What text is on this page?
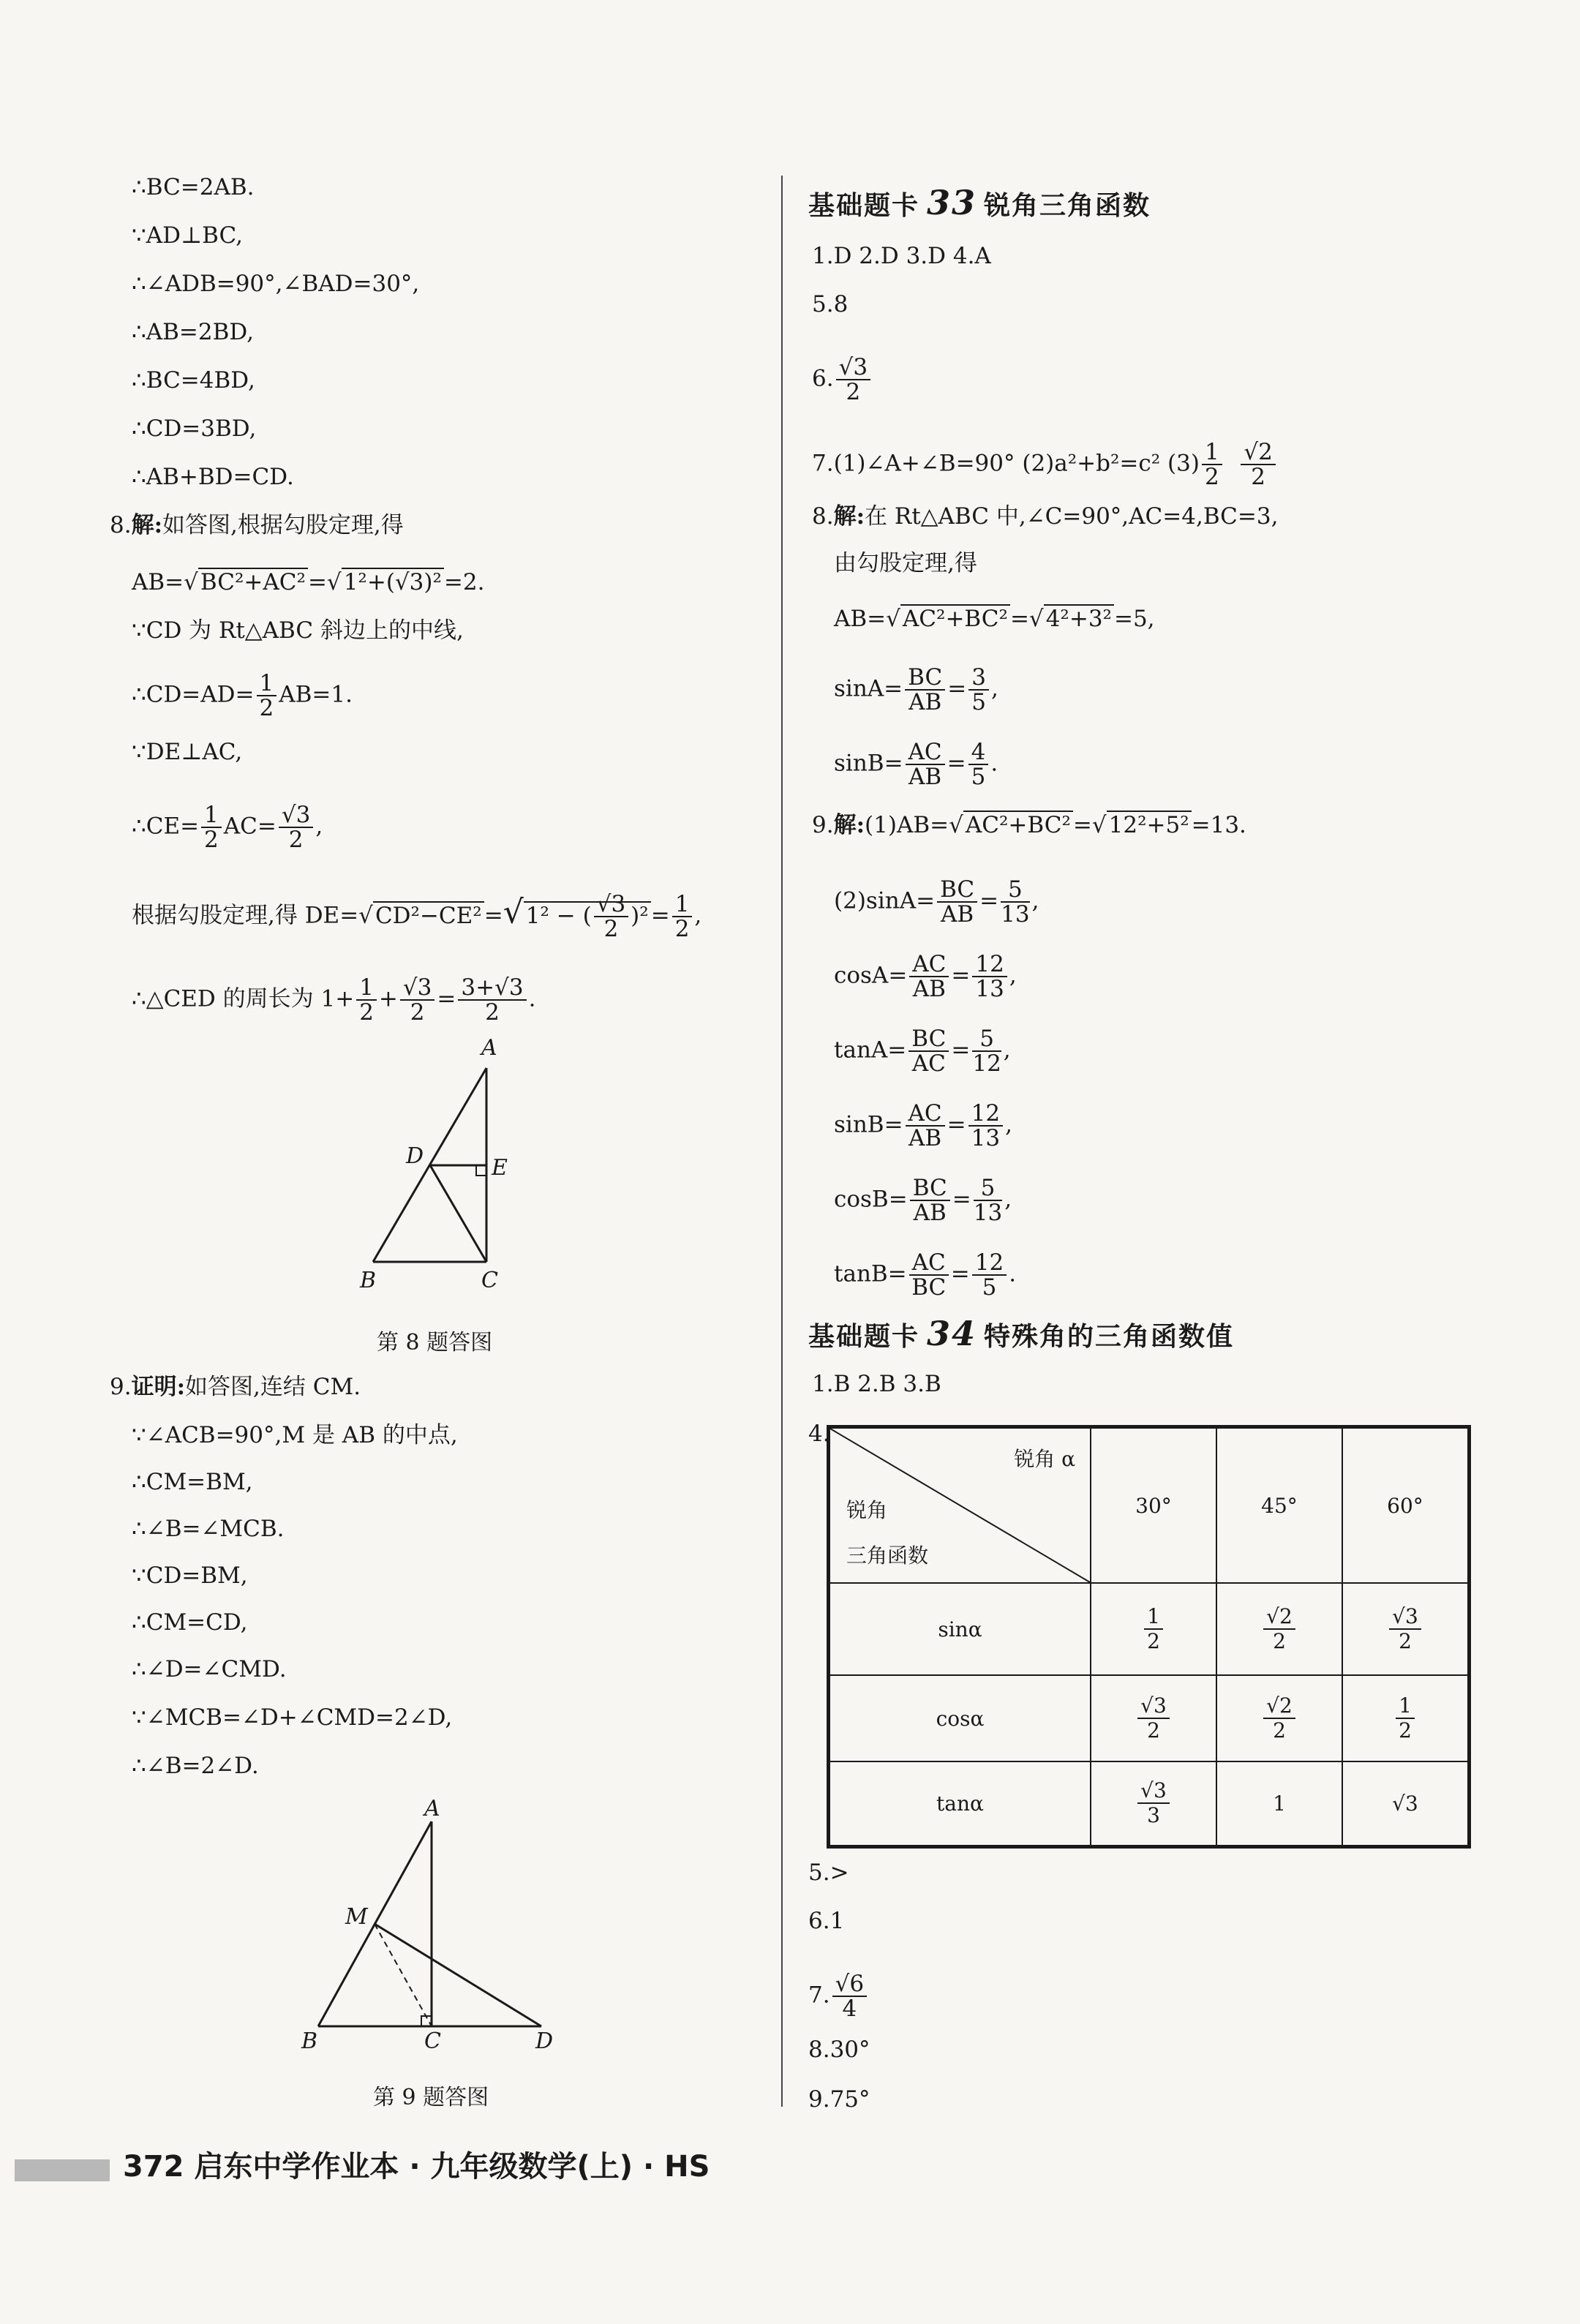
∴BC=2AB.
∵AD⊥BC,
∴∠ADB=90°,∠BAD=30°,
∴AB=2BD,
∴BC=4BD,
∴CD=3BD,
∴AB+BD=CD.
8.解:如答图,根据勾股定理,得
AB=√BC²+AC²=√1²+(√3)²=2.
∵CD 为 Rt△ABC 斜边上的中线,
∴CD=AD= $\frac{1}{2} AB=1$.
∵DE⊥AC,
∴CE= $\frac{1}{2} AC= \frac{√3}{2}$ ,
根据勾股定理,得 DE=√CD²−CE²=√1² − ( $\frac{√3}{2} )^2= \frac{1}{2}$ ,
∴△CED 的周长为 $1+ \frac{1}{2} + \frac{√3}{2} = \frac{3+√3}{2}$ .
A
B	C
D	E
第 8 题答图
9.证明:如答图,连结 CM.
∵∠ACB=90°,M 是 AB 的中点,
∴CM=BM,
∴∠B=∠MCB.
∵CD=BM,
∴CM=CD,
∴∠D=∠CMD.
∵∠MCB=∠D+∠CMD=2∠D,
∴∠B=2∠D.
A
B	C	D
M
第 9 题答图
基础题卡 33 锐角三角函数
1.D 2.D 3.D 4.A
5.8
6. $\frac{√3}{2}$
7.(1)∠A+∠B=90° (2)a²+b²=c² $(3) \frac{1}{2}$
$\frac{√2}{2}$
8.解:在 Rt△ABC 中,∠C=90°,AC=4,BC=3,
由勾股定理,得
AB=√AC²+BC²=√4²+3²=5,
$\sin A= \frac{BC}{AB} = \frac{3}{5}$ ,
$\sin B= \frac{AC}{AB} = \frac{4}{5}$ .
9.解:(1)AB=√AC²+BC²=√12²+5²=13.
$(2)\sin A= \frac{BC}{AB} = \frac{5}{13}$ ,
$\cos A= \frac{AC}{AB} = \frac{12}{13}$ ,
$\tan A= \frac{BC}{AC} = \frac{5}{12}$ ,
$\sin B= \frac{AC}{AB} = \frac{12}{13}$ ,
$\cos B= \frac{BC}{AB} = \frac{5}{13}$ ,
$\tan B= \frac{AC}{BC} = \frac{12}{5}$ .
基础题卡 34 特殊角的三角函数值
1.B 2.B 3.B
4.
锐角 α
锐角
三角函数	30°	45°	60°
sinα	$\frac{1}{2}$	$\frac{√2}{2}$	$\frac{√3}{2}$

cosα	$\frac{√3}{2}$	$\frac{√2}{2}$	$\frac{1}{2}$

tanα	$\frac{√3}{3}$	1	√3
5.>
6.1
7. $\frac{√6}{4}$
8.30°
9.75°
372 启东中学作业本 · 九年级数学(上) · HS
